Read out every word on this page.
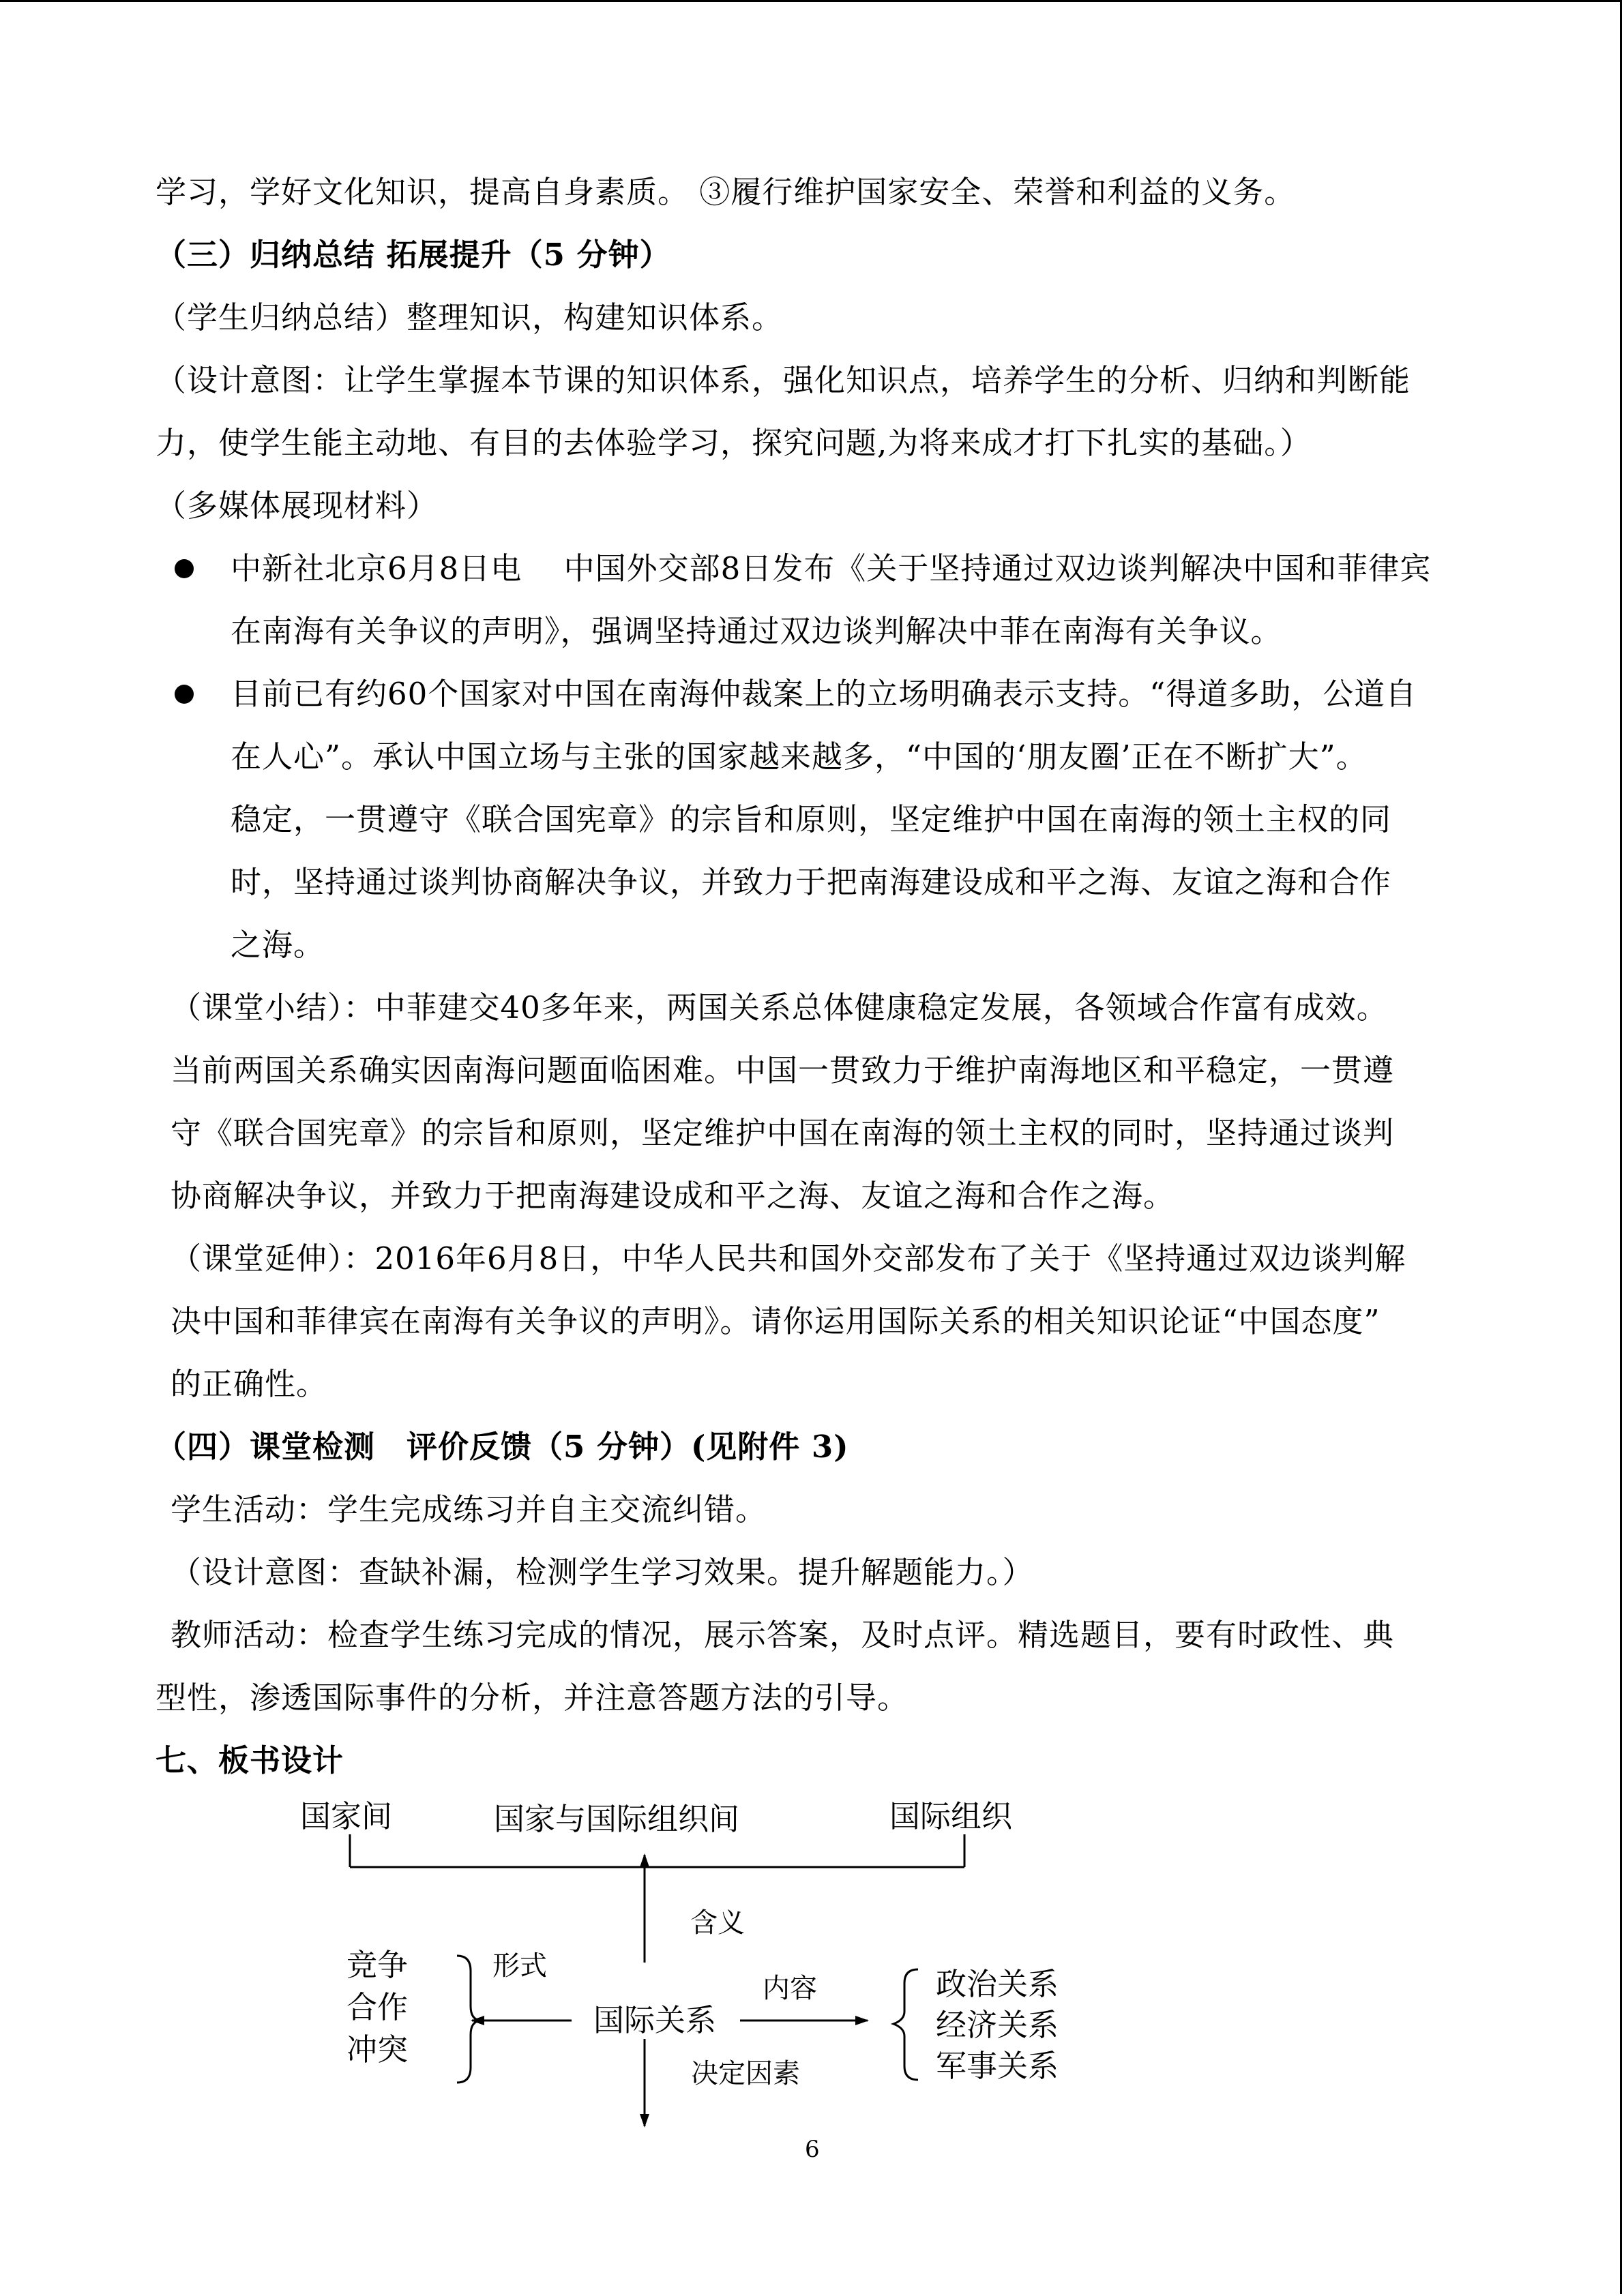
学习，学好文化知识，提高自身素质。 ③履行维护国家安全、荣誉和利益的义务。
（三）归纳总结 拓展提升（5 分钟）
（学生归纳总结）整理知识，构建知识体系。
（设计意图：让学生掌握本节课的知识体系，强化知识点，培养学生的分析、归纳和判断能
力，使学生能主动地、有目的去体验学习，探究问题,为将来成才打下扎实的基础。）
（多媒体展现材料）
中新社北京6月8日电　 中国外交部8日发布《关于坚持通过双边谈判解决中国和菲律宾
在南海有关争议的声明》，强调坚持通过双边谈判解决中菲在南海有关争议。
目前已有约60个国家对中国在南海仲裁案上的立场明确表示支持。“得道多助，公道自
在人心”。承认中国立场与主张的国家越来越多，“中国的‘朋友圈’正在不断扩大”。
稳定，一贯遵守《联合国宪章》的宗旨和原则，坚定维护中国在南海的领土主权的同
时，坚持通过谈判协商解决争议，并致力于把南海建设成和平之海、友谊之海和合作
之海。
（课堂小结）：中菲建交40多年来，两国关系总体健康稳定发展，各领域合作富有成效。
当前两国关系确实因南海问题面临困难。中国一贯致力于维护南海地区和平稳定，一贯遵
守《联合国宪章》的宗旨和原则，坚定维护中国在南海的领土主权的同时，坚持通过谈判
协商解决争议，并致力于把南海建设成和平之海、友谊之海和合作之海。
（课堂延伸）：2016年6月8日，中华人民共和国外交部发布了关于《坚持通过双边谈判解
决中国和菲律宾在南海有关争议的声明》。请你运用国际关系的相关知识论证“中国态度”
的正确性。
（四）课堂检测　评价反馈（5 分钟）(见附件 3)
学生活动：学生完成练习并自主交流纠错。
（设计意图：查缺补漏，检测学生学习效果。提升解题能力。）
教师活动：检查学生练习完成的情况，展示答案，及时点评。精选题目，要有时政性、典
型性，渗透国际事件的分析，并注意答题方法的引导。
七、板书设计
国家间	国家与国际组织间	国际组织
含义
形式
国际关系
内容
决定因素
竞争
合作
冲突
政治关系
经济关系
军事关系
6
